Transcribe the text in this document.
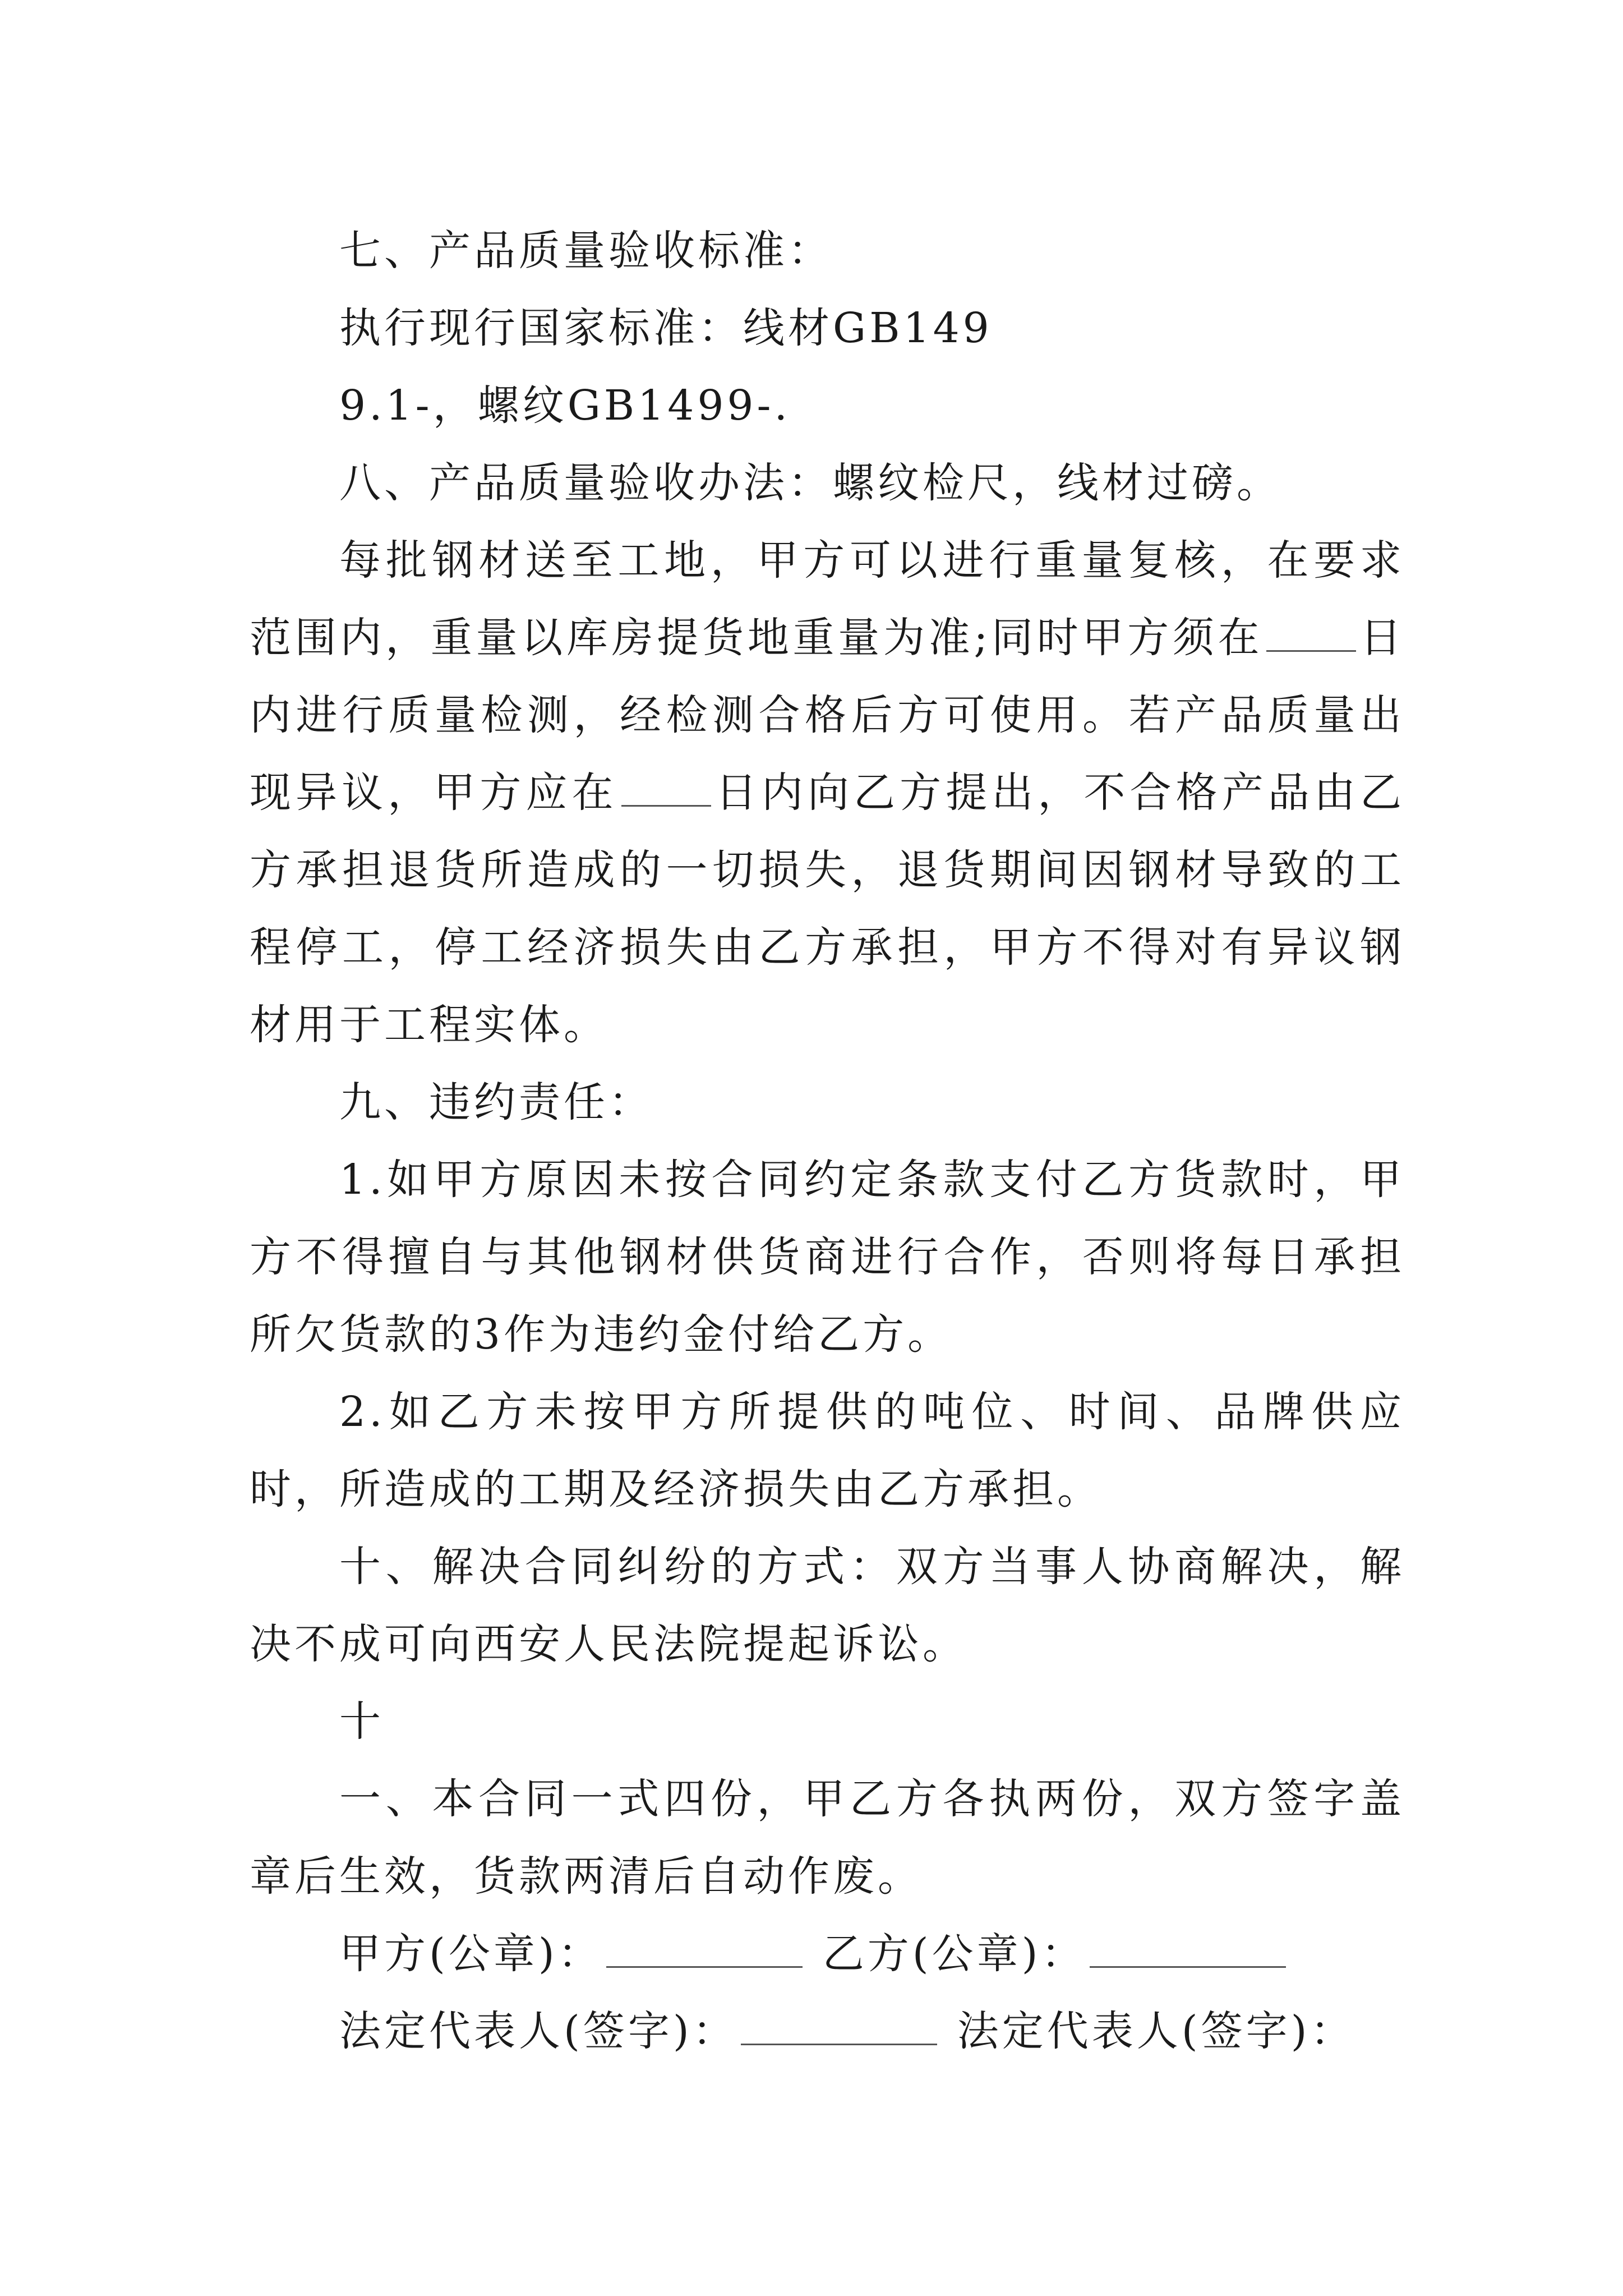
七、产品质量验收标准：

执行现行国家标准：线材GB149

9.1-，螺纹GB1499-.

八、产品质量验收办法：螺纹检尺，线材过磅。

每批钢材送至工地，甲方可以进行重量复核，在要求范围内，重量以库房提货地重量为准;同时甲方须在 日内进行质量检测，经检测合格后方可使用。若产品质量出现异议，甲方应在 日内向乙方提出，不合格产品由乙方承担退货所造成的一切损失，退货期间因钢材导致的工程停工，停工经济损失由乙方承担，甲方不得对有异议钢材用于工程实体。

九、违约责任：

1.如甲方原因未按合同约定条款支付乙方货款时，甲方不得擅自与其他钢材供货商进行合作，否则将每日承担所欠货款的3作为违约金付给乙方。

2.如乙方未按甲方所提供的吨位、时间、品牌供应时，所造成的工期及经济损失由乙方承担。

十、解决合同纠纷的方式：双方当事人协商解决，解决不成可向西安人民法院提起诉讼。

十

一、本合同一式四份，甲乙方各执两份，双方签字盖章后生效，货款两清后自动作废。

甲方(公章)：	乙方(公章)：

法定代表人(签字)：	法定代表人(签字)：
